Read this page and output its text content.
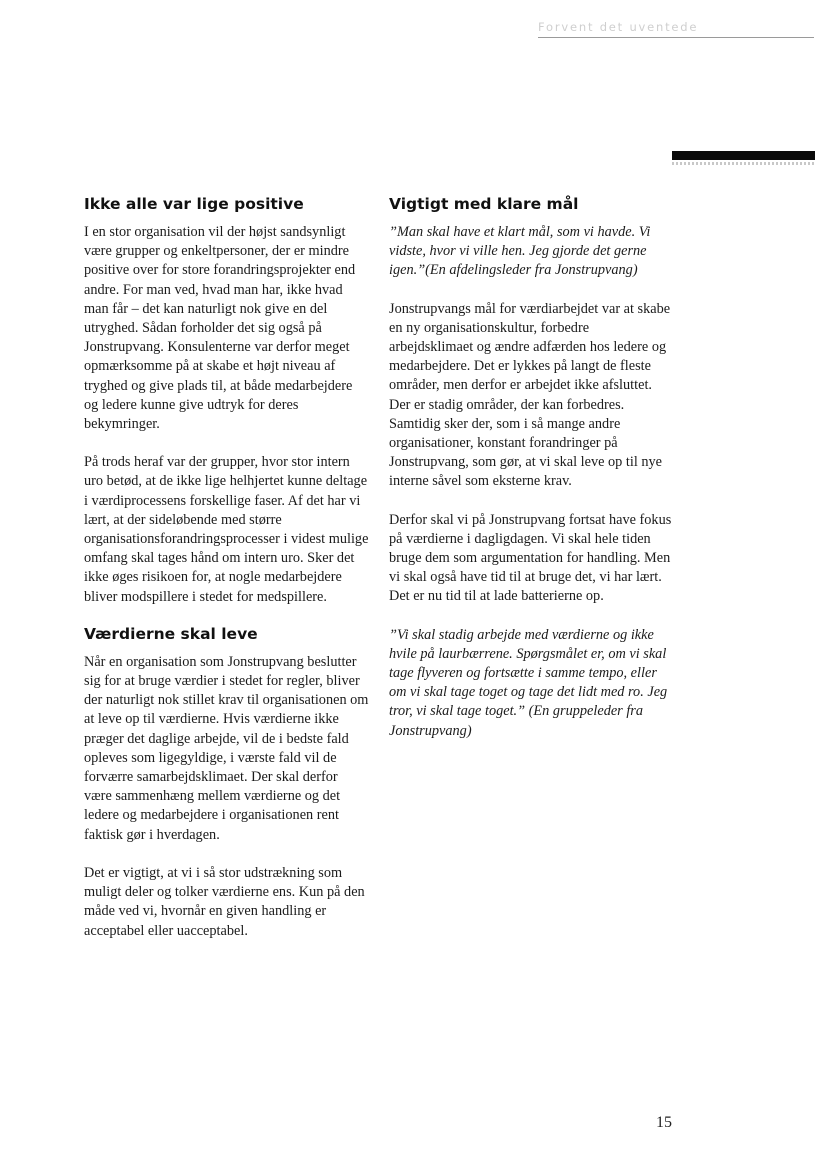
Forvent det uventede
Ikke alle var lige positive

I en stor organisation vil der højst sandsynligt være grupper og enkeltpersoner, der er mindre positive over for store forandringsprojekter end andre. For man ved, hvad man har, ikke hvad man får – det kan naturligt nok give en del utryghed. Sådan forholder det sig også på Jonstrupvang. Konsulenterne var derfor meget opmærksomme på at skabe et højt niveau af tryghed og give plads til, at både medarbejdere og ledere kunne give udtryk for deres bekymringer.

På trods heraf var der grupper, hvor stor intern uro betød, at de ikke lige helhjertet kunne deltage i værdiprocessens forskellige faser. Af det har vi lært, at der sideløbende med større organisationsforandringsprocesser i videst mulige omfang skal tages hånd om intern uro. Sker det ikke øges risikoen for, at nogle medarbejdere bliver modspillere i stedet for medspillere.

Værdierne skal leve

Når en organisation som Jonstrupvang beslutter sig for at bruge værdier i stedet for regler, bliver der naturligt nok stillet krav til organisationen om at leve op til værdierne. Hvis værdierne ikke præger det daglige arbejde, vil de i bedste fald opleves som ligegyldige, i værste fald vil de forværre samarbejdsklimaet. Der skal derfor være sammenhæng mellem værdierne og det ledere og medarbejdere i organisationen rent faktisk gør i hverdagen.

Det er vigtigt, at vi i så stor udstrækning som muligt deler og tolker værdierne ens. Kun på den måde ved vi, hvornår en given handling er acceptabel eller uacceptabel.

Vigtigt med klare mål

”Man skal have et klart mål, som vi havde. Vi vidste, hvor vi ville hen. Jeg gjorde det gerne igen.”(En afdelingsleder fra Jonstrupvang)

Jonstrupvangs mål for værdiarbejdet var at skabe en ny organisationskultur, forbedre arbejdsklimaet og ændre adfærden hos ledere og medarbejdere. Det er lykkes på langt de fleste områder, men derfor er arbejdet ikke afsluttet. Der er stadig områder, der kan forbedres. Samtidig sker der, som i så mange andre organisationer, konstant forandringer på Jonstrupvang, som gør, at vi skal leve op til nye interne såvel som eksterne krav.

Derfor skal vi på Jonstrupvang fortsat have fokus på værdierne i dagligdagen. Vi skal hele tiden bruge dem som argumentation for handling. Men vi skal også have tid til at bruge det, vi har lært. Det er nu tid til at lade batterierne op.

”Vi skal stadig arbejde med værdierne og ikke hvile på laurbærrene. Spørgsmålet er, om vi skal tage flyveren og fortsætte i samme tempo, eller om vi skal tage toget og tage det lidt med ro. Jeg tror, vi skal tage toget.” (En gruppeleder fra Jonstrupvang)

15
